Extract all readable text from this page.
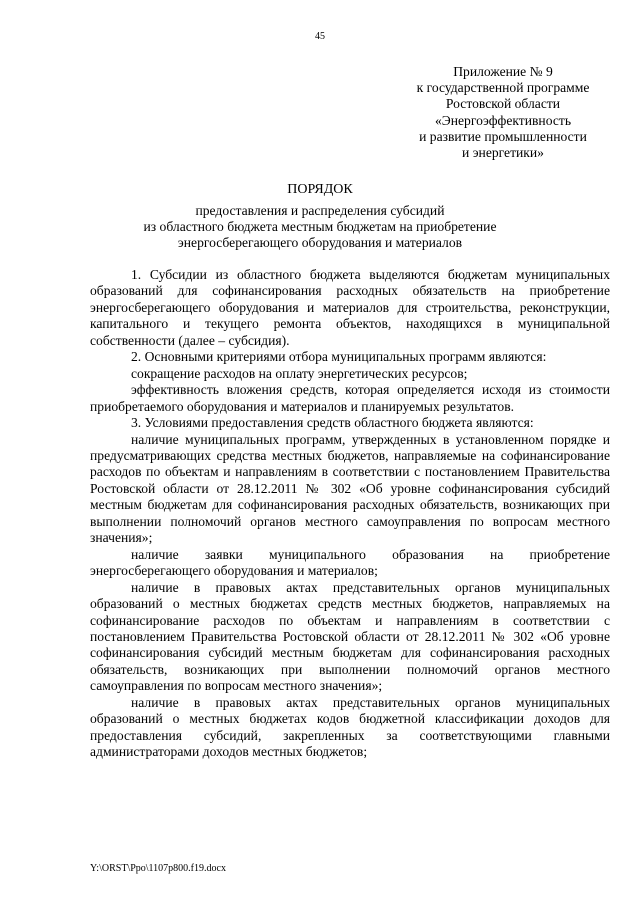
45
Приложение № 9
к государственной программе
Ростовской области
«Энергоэффективность
и развитие промышленности
и энергетики»
ПОРЯДОК
предоставления и распределения субсидий
из областного бюджета местным бюджетам на приобретение
энергосберегающего оборудования и материалов

1. Субсидии из областного бюджета выделяются бюджетам муниципальных образований для софинансирования расходных обязательств на приобретение энергосберегающего оборудования и материалов для строительства, реконструкции, капитального и текущего ремонта объектов, находящихся в муниципальной собственности (далее – субсидия).

2. Основными критериями отбора муниципальных программ являются:

сокращение расходов на оплату энергетических ресурсов;

эффективность вложения средств, которая определяется исходя из стоимости приобретаемого оборудования и материалов и планируемых результатов.

3. Условиями предоставления средств областного бюджета являются:

наличие муниципальных программ, утвержденных в установленном порядке и предусматривающих средства местных бюджетов, направляемые на софинансирование расходов по объектам и направлениям в соответствии с постановлением Правительства Ростовской области от 28.12.2011 № 302 «Об уровне софинансирования субсидий местным бюджетам для софинансирования расходных обязательств, возникающих при выполнении полномочий органов местного самоуправления по вопросам местного значения»;

наличие заявки муниципального образования на приобретение энергосберегающего оборудования и материалов;

наличие в правовых актах представительных органов муниципальных образований о местных бюджетах средств местных бюджетов, направляемых на софинансирование расходов по объектам и направлениям в соответствии с постановлением Правительства Ростовской области от 28.12.2011 № 302 «Об уровне софинансирования субсидий местным бюджетам для софинансирования расходных обязательств, возникающих при выполнении полномочий органов местного самоуправления по вопросам местного значения»;

наличие в правовых актах представительных органов муниципальных образований о местных бюджетах кодов бюджетной классификации доходов для предоставления субсидий, закрепленных за соответствующими главными администраторами доходов местных бюджетов;

Y:\ORST\Ppo\1107p800.f19.docx
